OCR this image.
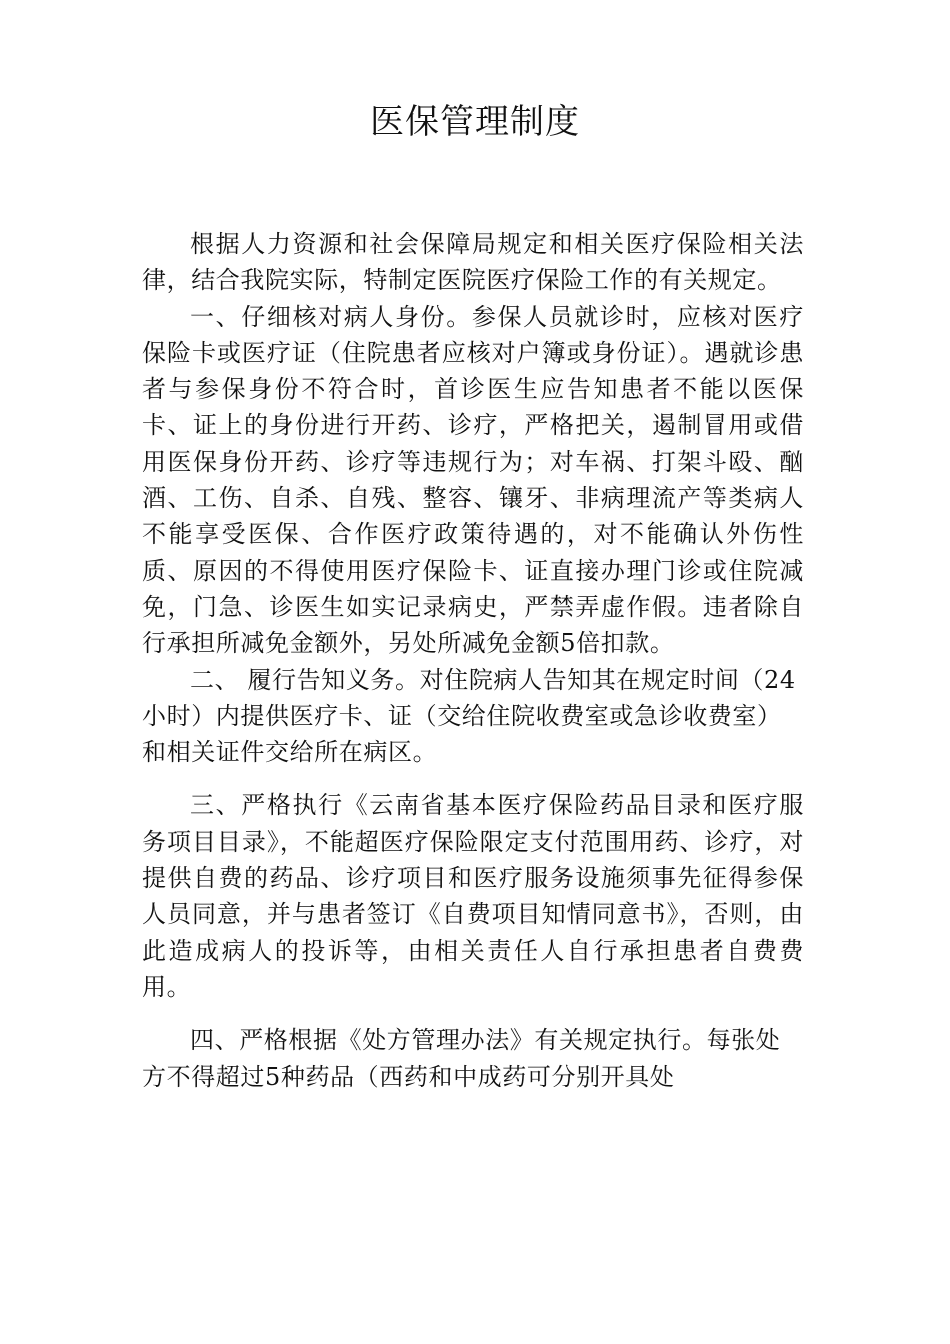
医保管理制度

根据人力资源和社会保障局规定和相关医疗保险相关法律，结合我院实际，特制定医院医疗保险工作的有关规定。

一、仔细核对病人身份。参保人员就诊时，应核对医疗保险卡或医疗证（住院患者应核对户簿或身份证）。遇就诊患者与参保身份不符合时，首诊医生应告知患者不能以医保卡、证上的身份进行开药、诊疗，严格把关，遏制冒用或借用医保身份开药、诊疗等违规行为；对车祸、打架斗殴、酗酒、工伤、自杀、自残、整容、镶牙、非病理流产等类病人不能享受医保、合作医疗政策待遇的，对不能确认外伤性质、原因的不得使用医疗保险卡、证直接办理门诊或住院减免，门急、诊医生如实记录病史，严禁弄虚作假。违者除自行承担所减免金额外，另处所减免金额5倍扣款。

二、 履行告知义务。对住院病人告知其在规定时间（24小时）内提供医疗卡、证（交给住院收费室或急诊收费室）和相关证件交给所在病区。

三、严格执行《云南省基本医疗保险药品目录和医疗服务项目目录》，不能超医疗保险限定支付范围用药、诊疗，对提供自费的药品、诊疗项目和医疗服务设施须事先征得参保人员同意，并与患者签订《自费项目知情同意书》，否则，由此造成病人的投诉等，由相关责任人自行承担患者自费费用。

四、严格根据《处方管理办法》有关规定执行。每张处方不得超过5种药品（西药和中成药可分别开具处
